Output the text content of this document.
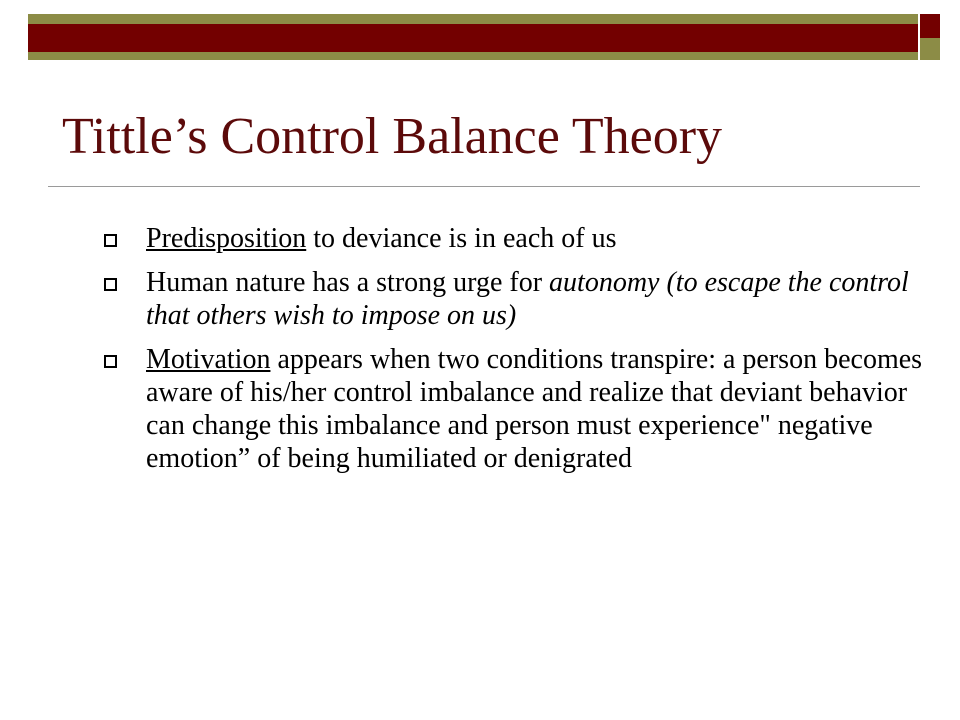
Tittle’s Control Balance Theory
Predisposition to deviance is in each of us
Human nature has a strong urge for autonomy (to escape the control that others wish to impose on us)
Motivation appears when two conditions transpire: a person becomes aware of his/her control imbalance and realize that deviant behavior can change this imbalance and person must experience" negative emotion” of being humiliated or denigrated
